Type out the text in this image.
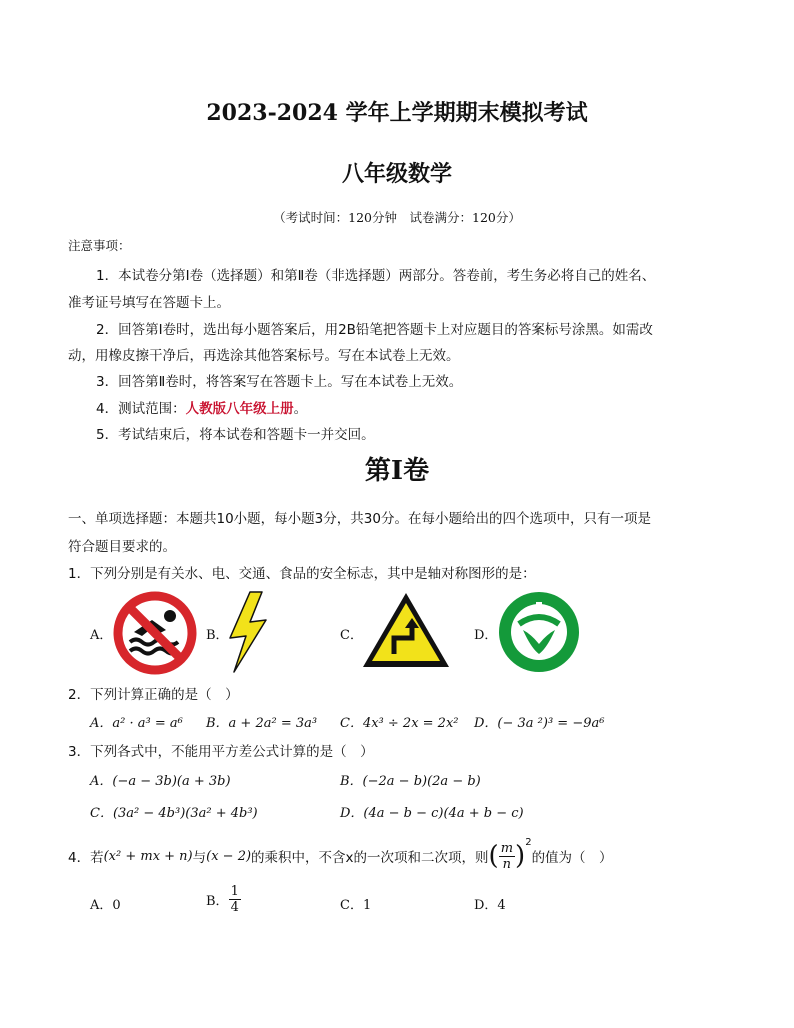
2023-2024 学年上学期期末模拟考试
八年级数学
（考试时间：120分钟　试卷满分：120分）
注意事项：
1．本试卷分第Ⅰ卷（选择题）和第Ⅱ卷（非选择题）两部分。答卷前，考生务必将自己的姓名、
准考证号填写在答题卡上。
2．回答第Ⅰ卷时，选出每小题答案后，用2B铅笔把答题卡上对应题目的答案标号涂黑。如需改
动，用橡皮擦干净后，再选涂其他答案标号。写在本试卷上无效。
3．回答第Ⅱ卷时，将答案写在答题卡上。写在本试卷上无效。
4．测试范围：人教版八年级上册。
5．考试结束后，将本试卷和答题卡一并交回。
第Ⅰ卷
一、单项选择题：本题共10小题，每小题3分，共30分。在每小题给出的四个选项中，只有一项是
符合题目要求的。
1．下列分别是有关水、电、交通、食品的安全标志，其中是轴对称图形的是：
A．	B．	C．	D．
2．下列计算正确的是（　）
A．a² · a³ = a⁶ B．a + 2a² = 3a³ C．4x³ ÷ 2x = 2x² D．(− 3a ²)³ = −9a⁶
3．下列各式中，不能用平方差公式计算的是（　）
A．(−a − 3b)(a + 3b)	B．(−2a − b)(2a − b)
C．(3a² − 4b³)(3a² + 4b³)	D．(4a − b − c)(4a + b − c)
4．若 (x² + mx + n) 与 (x − 2) 的乘积中，不含x的一次项和二次项，则 ( $\frac{m}{n}$ ) 2
的值为（　）
A．0	B． $\frac{1}{4}$	C．1	D．4
